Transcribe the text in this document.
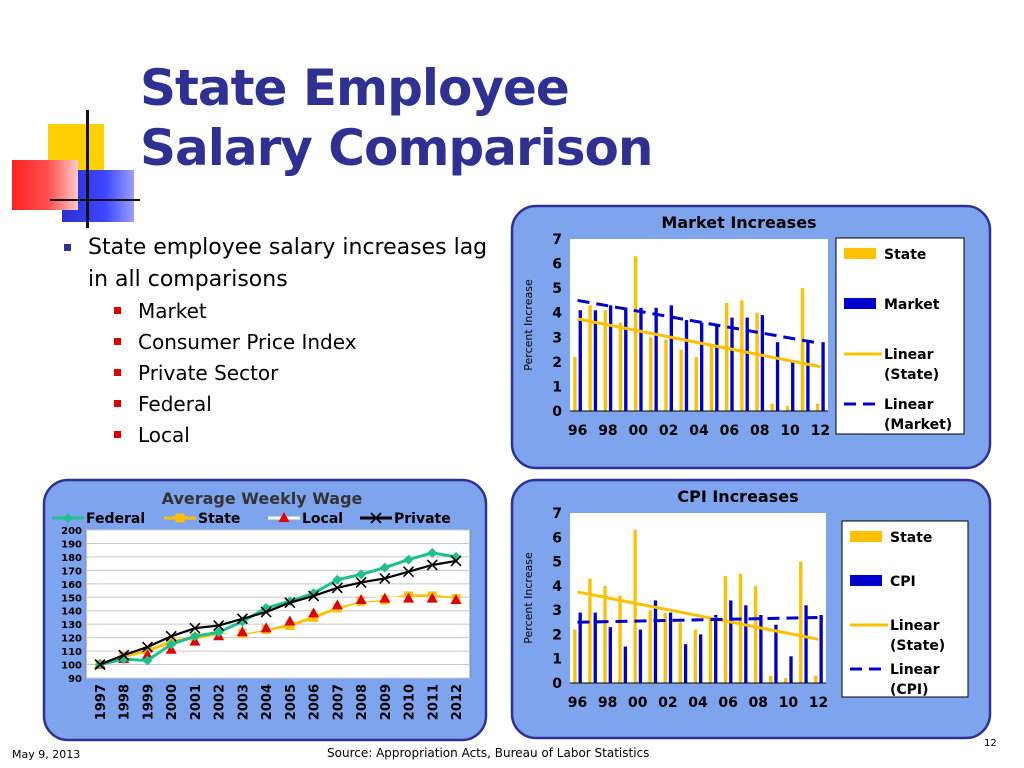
State Employee
Salary Comparison
State employee salary increases lag in all comparisons
Market
Consumer Price Index
Private Sector
Federal
Local
Market Increases
Percent Increase
0
1
2
3
4
5
6
7
96 98 00 02 04 06 08 10 12
State
Market
Linear (State)
Linear (Market)
CPI Increases
Percent Increase
0
1
2
3
4
5
6
7
96 98 00 02 04 06 08 10 12
State
CPI
Linear (State)
Linear (CPI)
Average Weekly Wage
90
100
110
120
130
140
150
160
170
180
190
200
1997 1998 1999 2000 2001 2002 2003 2004 2005 2006 2007 2008 2009 2010 2011 2012
Federal	State	Local	Private
May 9, 2013	Source: Appropriation Acts, Bureau of Labor Statistics
12
